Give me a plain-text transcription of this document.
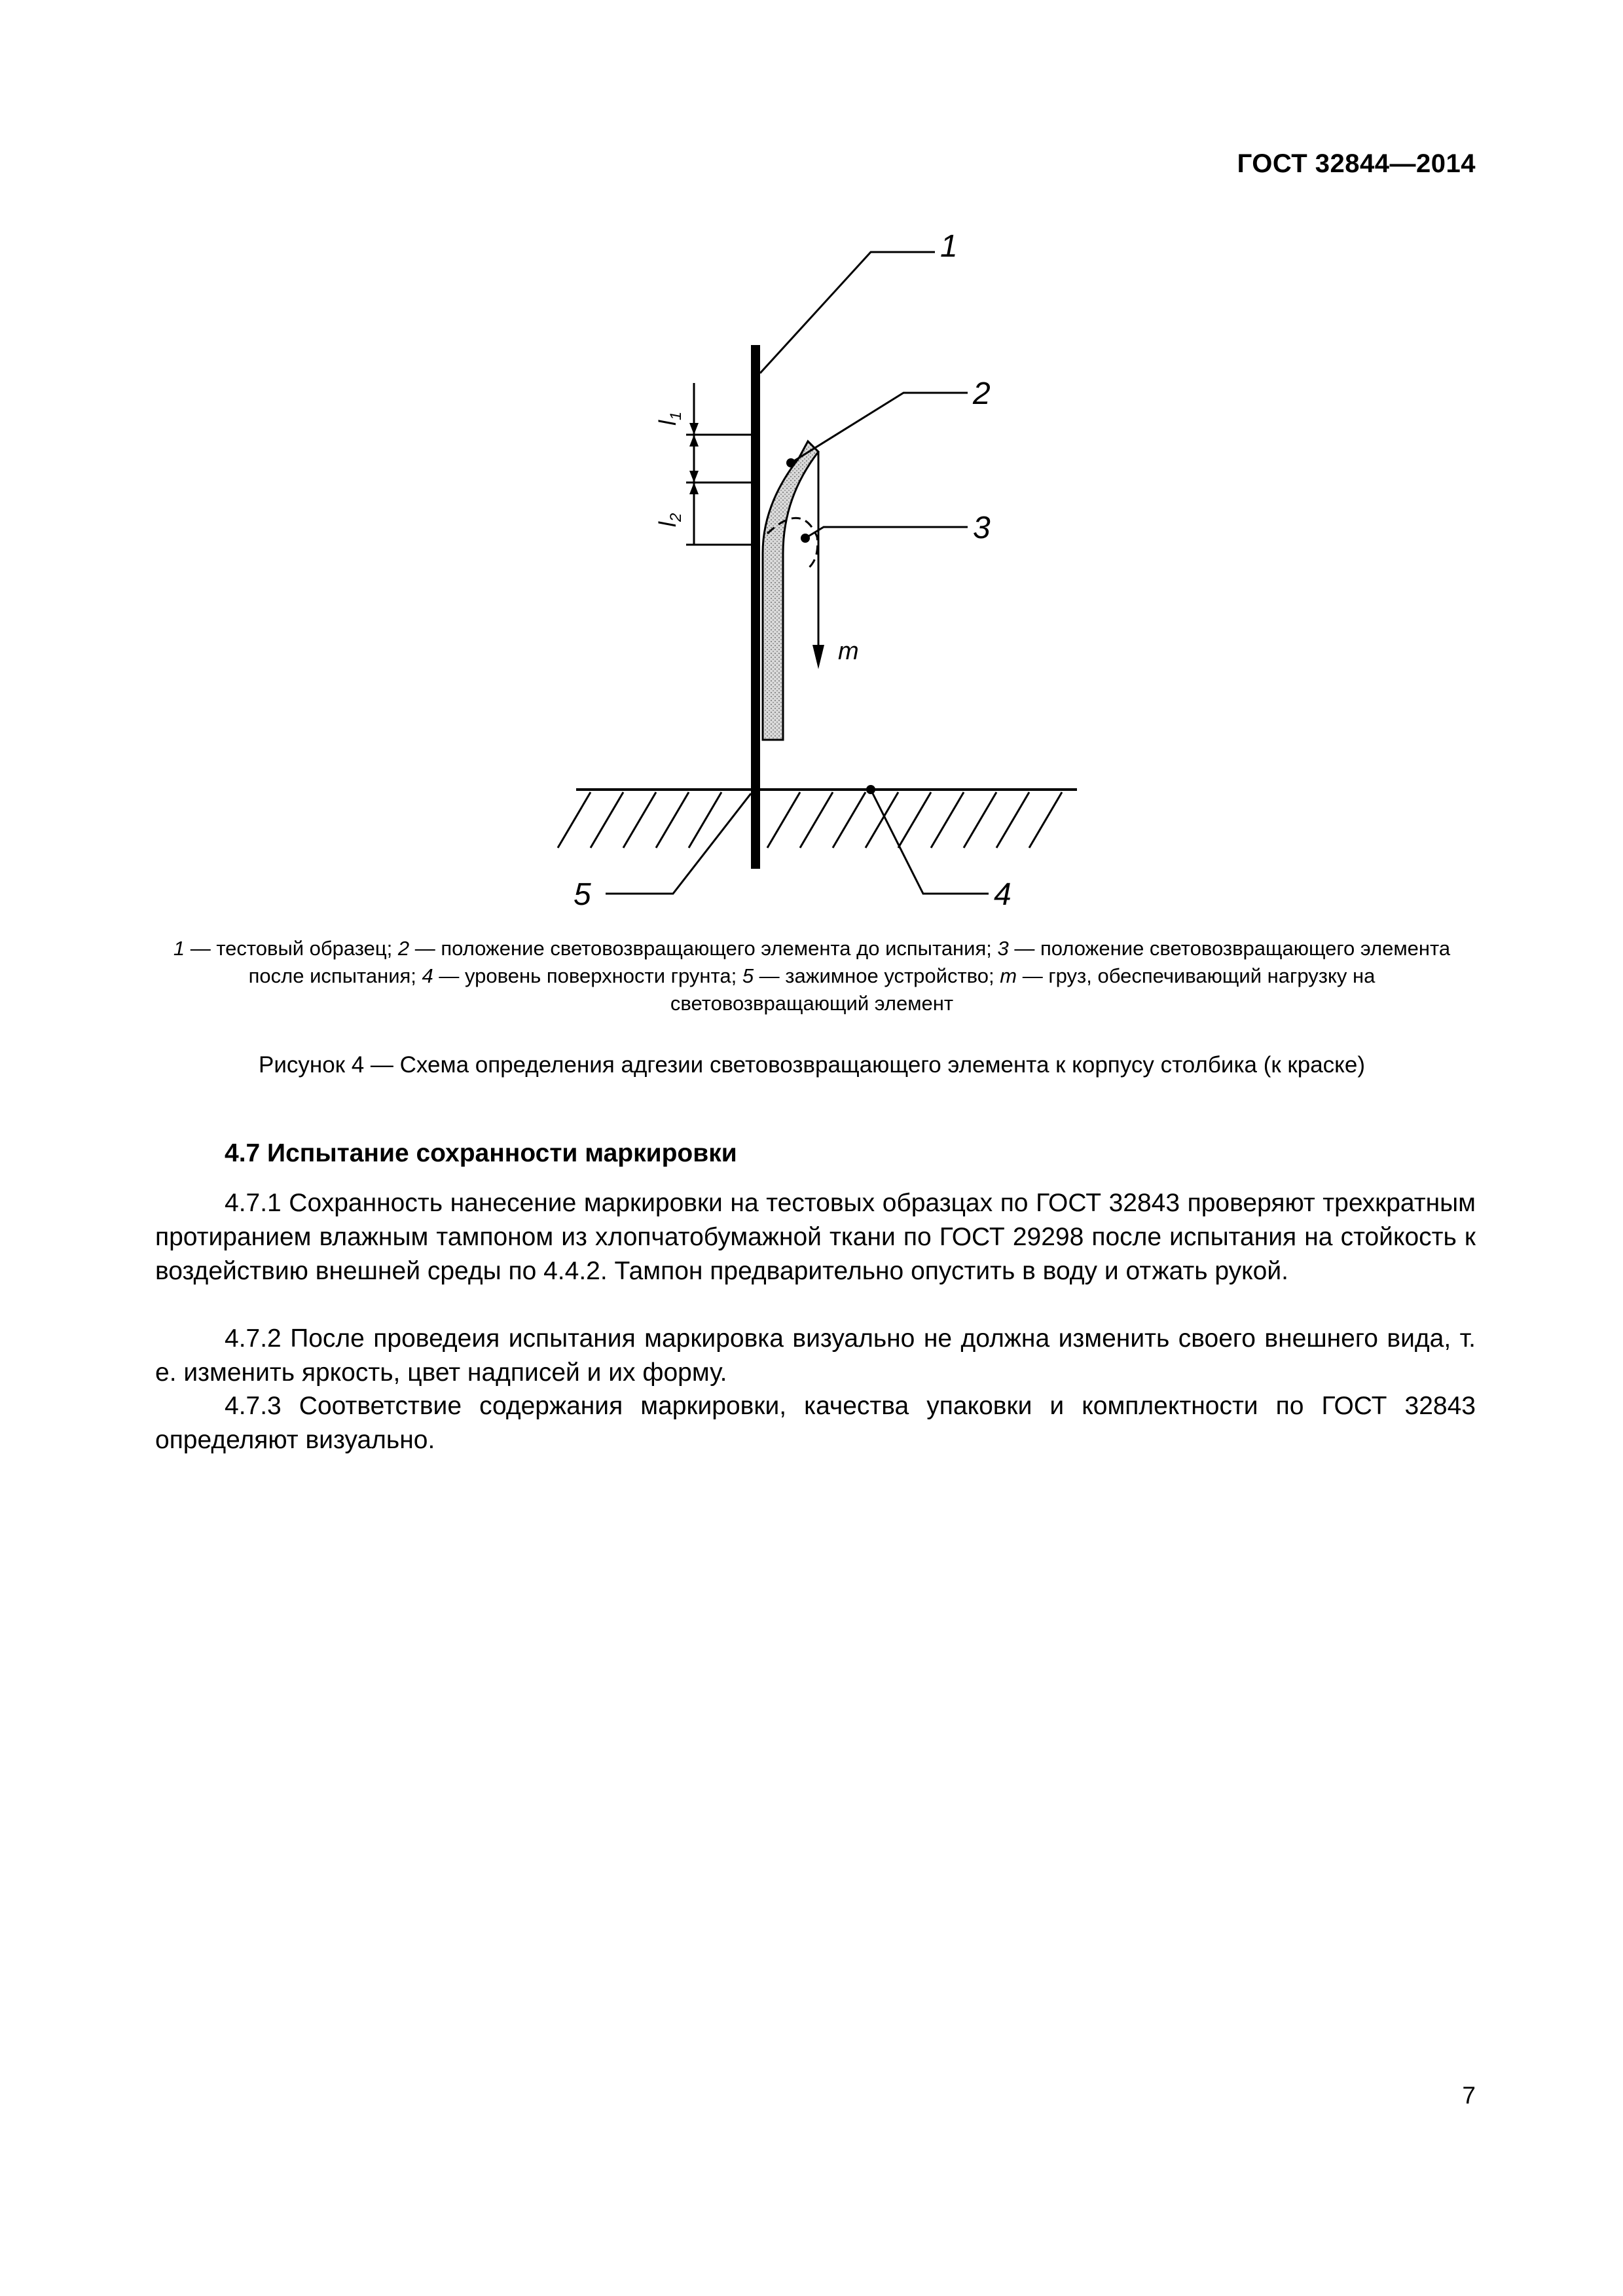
ГОСТ 32844—2014
$l_1$
$l_2$
1
2
3
4
5
m
1 — тестовый образец; 2 — положение световозвращающего элемента до испытания; 3 — положение световозвращающего элемента после испытания; 4 — уровень поверхности грунта; 5 — зажимное устройство; m — груз, обеспечивающий нагрузку на световозвращающий элемент
Рисунок 4 — Схема определения адгезии световозвращающего элемента к корпусу столбика (к краске)
4.7 Испытание сохранности маркировки

4.7.1 Сохранность нанесение маркировки на тестовых образцах по ГОСТ 32843 проверяют трехкратным протиранием влажным тампоном из хлопчатобумажной ткани по ГОСТ 29298 после испытания на стойкость к воздействию внешней среды по 4.4.2. Тампон предварительно опустить в воду и отжать рукой.

4.7.2 После проведеия испытания маркировка визуально не должна изменить своего внешнего вида, т. е. изменить яркость, цвет надписей и их форму.

4.7.3 Соответствие содержания маркировки, качества упаковки и комплектности по ГОСТ 32843 определяют визуально.

7
